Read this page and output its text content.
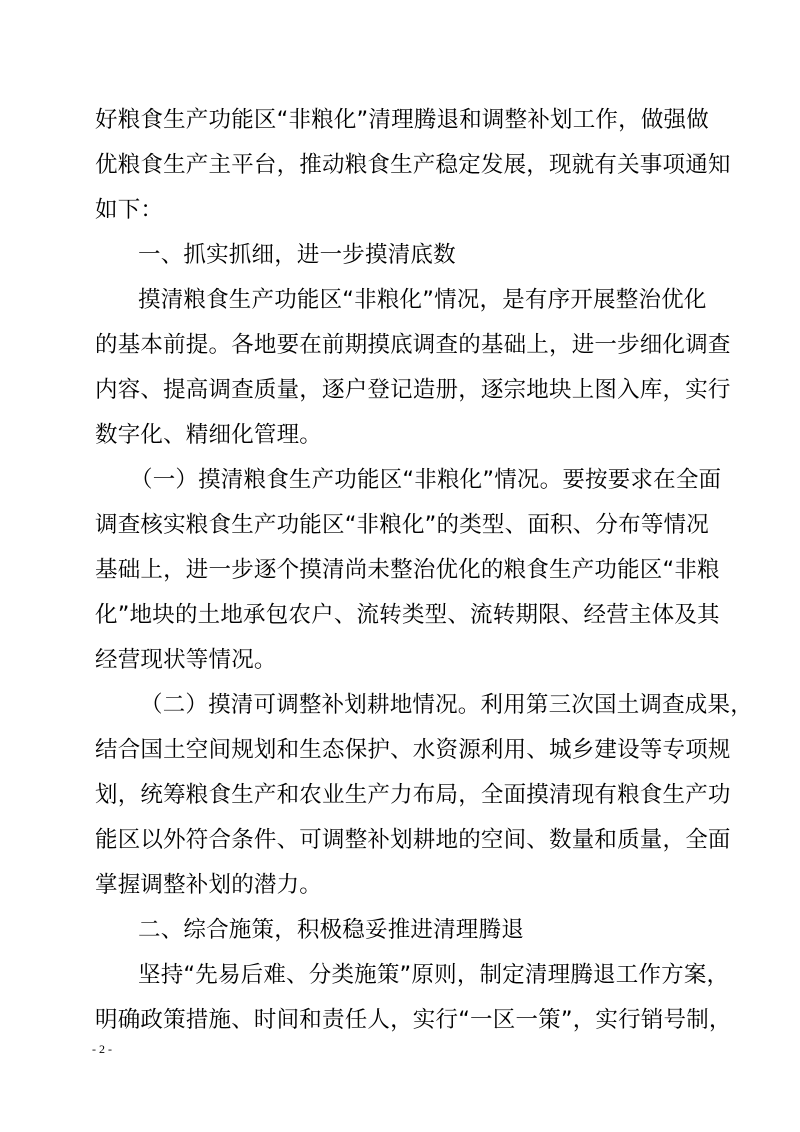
好粮食生产功能区“非粮化”清理腾退和调整补划工作，做强做
优粮食生产主平台，推动粮食生产稳定发展，现就有关事项通知
如下：
一、抓实抓细，进一步摸清底数
摸清粮食生产功能区“非粮化”情况，是有序开展整治优化
的基本前提。各地要在前期摸底调查的基础上，进一步细化调查
内容、提高调查质量，逐户登记造册，逐宗地块上图入库，实行
数字化、精细化管理。
（一）摸清粮食生产功能区“非粮化”情况。要按要求在全面
调查核实粮食生产功能区“非粮化”的类型、面积、分布等情况
基础上，进一步逐个摸清尚未整治优化的粮食生产功能区“非粮
化”地块的土地承包农户、流转类型、流转期限、经营主体及其
经营现状等情况。
（二）摸清可调整补划耕地情况。利用第三次国土调查成果，
结合国土空间规划和生态保护、水资源利用、城乡建设等专项规
划，统筹粮食生产和农业生产力布局，全面摸清现有粮食生产功
能区以外符合条件、可调整补划耕地的空间、数量和质量，全面
掌握调整补划的潜力。
二、综合施策，积极稳妥推进清理腾退
坚持“先易后难、分类施策”原则，制定清理腾退工作方案，
明确政策措施、时间和责任人，实行“一区一策”，实行销号制，
- 2 -
